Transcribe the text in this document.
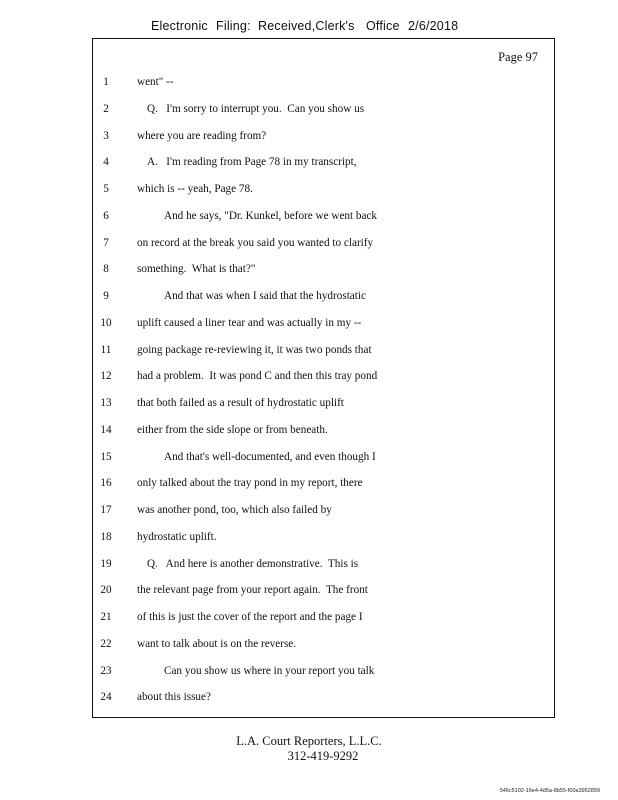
Electronic Filing: Received,Clerk's Office 2/6/2018
Page 97
1	went" --
2	Q.   I'm sorry to interrupt you.  Can you show us
3	where you are reading from?
4	A.   I'm reading from Page 78 in my transcript,
5	which is -- yeah, Page 78.
6	And he says, "Dr. Kunkel, before we went back
7	on record at the break you said you wanted to clarify
8	something.  What is that?"
9	And that was when I said that the hydrostatic
10	uplift caused a liner tear and was actually in my --
11	going package re-reviewing it, it was two ponds that
12	had a problem.  It was pond C and then this tray pond
13	that both failed as a result of hydrostatic uplift
14	either from the side slope or from beneath.
15	And that's well-documented, and even though I
16	only talked about the tray pond in my report, there
17	was another pond, too, which also failed by
18	hydrostatic uplift.
19	Q.   And here is another demonstrative.  This is
20	the relevant page from your report again.  The front
21	of this is just the cover of the report and the page I
22	want to talk about is on the reverse.
23	Can you show us where in your report you talk
24	about this issue?
L.A. Court Reporters, L.L.C.
312-419-9292
546c5102-16e4-4d5a-8b55-f00a3952899
